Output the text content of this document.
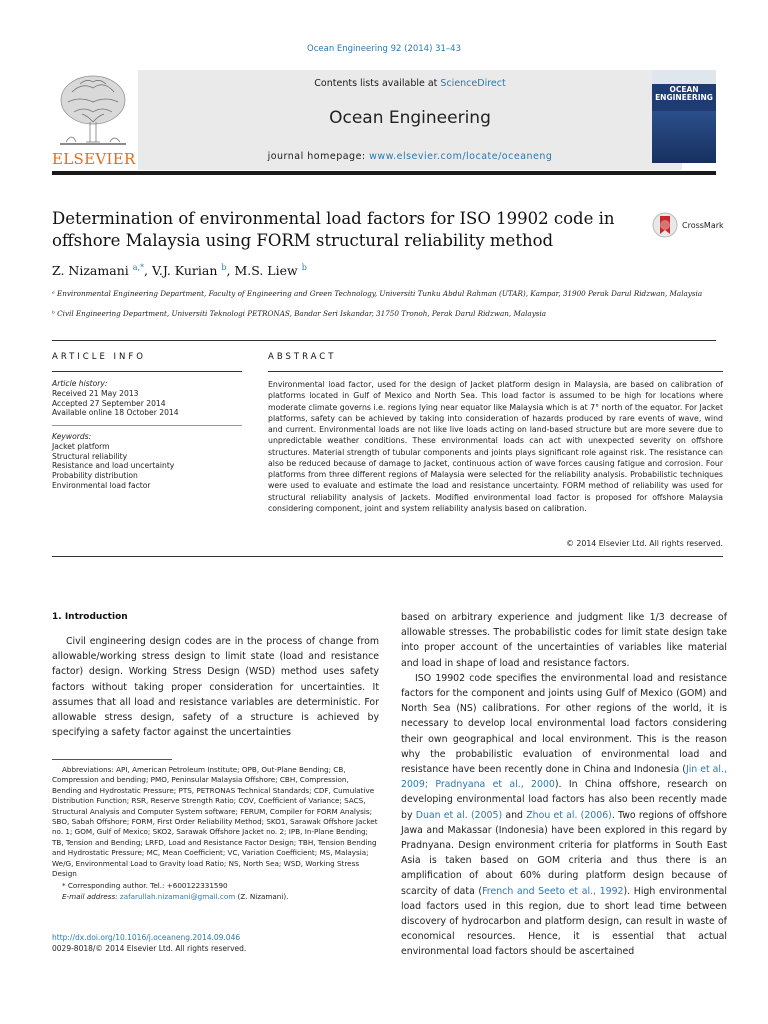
Ocean Engineering 92 (2014) 31–43
ELSEVIER
Contents lists available at ScienceDirect
Ocean Engineering
journal homepage: www.elsevier.com/locate/oceaneng
OCEAN
ENGINEERING
Determination of environmental load factors for ISO 19902 code in offshore Malaysia using FORM structural reliability method
CrossMark
Z. Nizamani $^{a,*}$, V.J. Kurian $^b$, M.S. Liew $^b$
ᵃ Environmental Engineering Department, Faculty of Engineering and Green Technology, Universiti Tunku Abdul Rahman (UTAR), Kampar, 31900 Perak Darul Ridzwan, Malaysia
ᵇ Civil Engineering Department, Universiti Teknologi PETRONAS, Bandar Seri Iskandar, 31750 Tronoh, Perak Darul Ridzwan, Malaysia
ARTICLE INFO	ABSTRACT
Article history:
Received 21 May 2013
Accepted 27 September 2014
Available online 18 October 2014
Keywords:
Jacket platform
Structural reliability
Resistance and load uncertainty
Probability distribution
Environmental load factor
Environmental load factor, used for the design of Jacket platform design in Malaysia, are based on calibration of platforms located in Gulf of Mexico and North Sea. This load factor is assumed to be high for locations where moderate climate governs i.e. regions lying near equator like Malaysia which is at 7° north of the equator. For Jacket platforms, safety can be achieved by taking into consideration of hazards produced by rare events of wave, wind and current. Environmental loads are not like live loads acting on land-based structure but are more severe due to unpredictable weather conditions. These environmental loads can act with unexpected severity on offshore structures. Material strength of tubular components and joints plays significant role against risk. The resistance can also be reduced because of damage to Jacket, continuous action of wave forces causing fatigue and corrosion. Four platforms from three different regions of Malaysia were selected for the reliability analysis. Probabilistic techniques were used to evaluate and estimate the load and resistance uncertainty. FORM method of reliability was used for structural reliability analysis of Jackets. Modified environmental load factor is proposed for offshore Malaysia considering component, joint and system reliability analysis based on calibration.
© 2014 Elsevier Ltd. All rights reserved.
1. Introduction

Civil engineering design codes are in the process of change from allowable/working stress design to limit state (load and resistance factor) design. Working Stress Design (WSD) method uses safety factors without taking proper consideration for uncertainties. It assumes that all load and resistance variables are deterministic. For allowable stress design, safety of a structure is achieved by specifying a safety factor against the uncertainties

Abbreviations: API, American Petroleum Institute; OPB, Out-Plane Bending; CB, Compression and bending; PMO, Peninsular Malaysia Offshore; CBH, Compression, Bending and Hydrostatic Pressure; PTS, PETRONAS Technical Standards; CDF, Cumulative Distribution Function; RSR, Reserve Strength Ratio; COV, Coefficient of Variance; SACS, Structural Analysis and Computer System software; FERUM, Compiler for FORM Analysis; SBO, Sabah Offshore; FORM, First Order Reliability Method; SKO1, Sarawak Offshore Jacket no. 1; GOM, Gulf of Mexico; SKO2, Sarawak Offshore Jacket no. 2; IPB, In-Plane Bending; TB, Tension and Bending; LRFD, Load and Resistance Factor Design; TBH, Tension Bending and Hydrostatic Pressure; MC, Mean Coefficient; VC, Variation Coefficient; MS, Malaysia; We/G, Environmental Load to Gravity load Ratio; NS, North Sea; WSD, Working Stress Design

* Corresponding author. Tel.: +600122331590

E-mail address: zafarullah.nizamani@gmail.com (Z. Nizamani).

http://dx.doi.org/10.1016/j.oceaneng.2014.09.046
0029-8018/© 2014 Elsevier Ltd. All rights reserved.

based on arbitrary experience and judgment like 1/3 decrease of allowable stresses. The probabilistic codes for limit state design take into proper account of the uncertainties of variables like material and load in shape of load and resistance factors.

ISO 19902 code specifies the environmental load and resistance factors for the component and joints using Gulf of Mexico (GOM) and North Sea (NS) calibrations. For other regions of the world, it is necessary to develop local environmental load factors considering their own geographical and local environment. This is the reason why the probabilistic evaluation of environmental load and resistance have been recently done in China and Indonesia (Jin et al., 2009; Pradnyana et al., 2000). In China offshore, research on developing environmental load factors has also been recently made by Duan et al. (2005) and Zhou et al. (2006). Two regions of offshore Jawa and Makassar (Indonesia) have been explored in this regard by Pradnyana. Design environment criteria for platforms in South East Asia is taken based on GOM criteria and thus there is an amplification of about 60% during platform design because of scarcity of data (French and Seeto et al., 1992). High environmental load factors used in this region, due to short lead time between discovery of hydrocarbon and platform design, can result in waste of economical resources. Hence, it is essential that actual environmental load factors should be ascertained
